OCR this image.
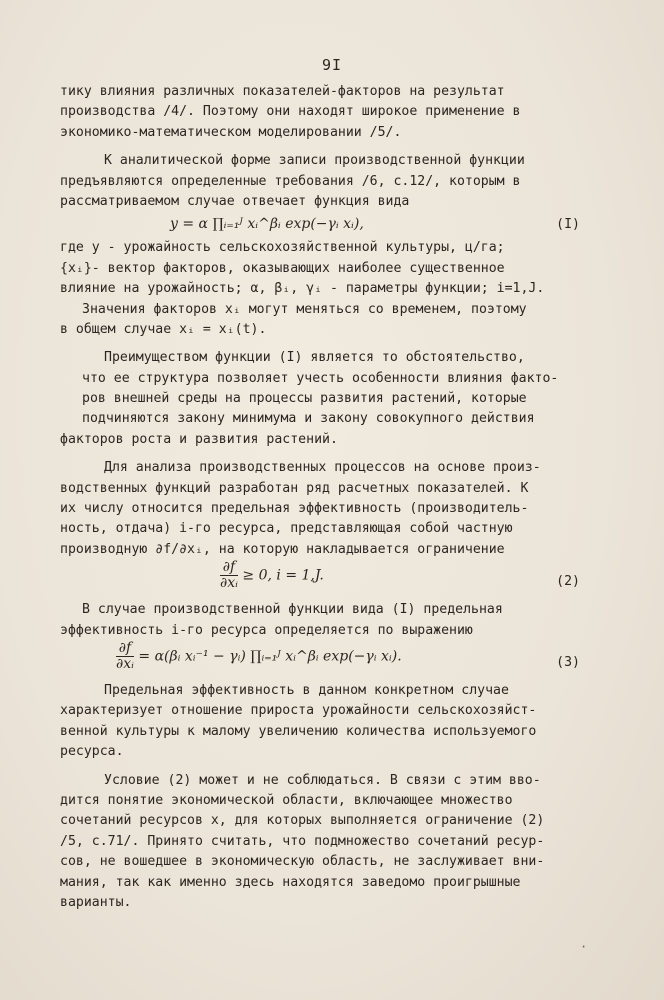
9I
тику влияния различных показателей-факторов на результат
производства /4/. Поэтому они находят широкое применение в
экономико-математическом моделировании /5/.
К аналитической форме записи производственной функции
предъявляются определенные требования /6, с.12/, которым в
рассматриваемом случае отвечает функция вида
y = α ∏ᵢ₌₁ᴶ xᵢ^βᵢ exp(−γᵢ xᵢ),	(I)
где y - урожайность сельскохозяйственной культуры, ц/га;
{xᵢ}- вектор факторов, оказывающих наиболее существенное
влияние на урожайность; α, βᵢ, γᵢ - параметры функции; i=1,J.
Значения факторов xᵢ могут меняться со временем, поэтому
в общем случае xᵢ = xᵢ(t).
Преимуществом функции (I) является то обстоятельство,
что ее структура позволяет учесть особенности влияния факто-
ров внешней среды на процессы развития растений, которые
подчиняются закону минимума и закону совокупного действия
факторов роста и развития растений.
Для анализа производственных процессов на основе произ-
водственных функций разработан ряд расчетных показателей. К
их числу относится предельная эффективность (производитель-
ность, отдача) i-го ресурса, представляющая собой частную
производную ∂f/∂xᵢ, на которую накладывается ограничение
$\frac{\partial f}{\text{∂xᵢ}} \ge 0$, i = 1,J.	(2)
В случае производственной функции вида (I) предельная
эффективность i-го ресурса определяется по выражению
$\frac{\partial f}{\text{∂xᵢ}}$ = α(βᵢ xᵢ⁻¹ − γᵢ) ∏ᵢ₌₁ᴶ xᵢ^βᵢ exp(−γᵢ xᵢ).	(3)
Предельная эффективность в данном конкретном случае
характеризует отношение прироста урожайности сельскохозяйст-
венной культуры к малому увеличению количества используемого
ресурса.
Условие (2) может и не соблюдаться. В связи с этим вво-
дится понятие экономической области, включающее множество
сочетаний ресурсов x, для которых выполняется ограничение (2)
/5, с.71/. Принято считать, что подмножество сочетаний ресур-
сов, не вошедшее в экономическую область, не заслуживает вни-
мания, так как именно здесь находятся заведомо проигрышные
варианты.
·
